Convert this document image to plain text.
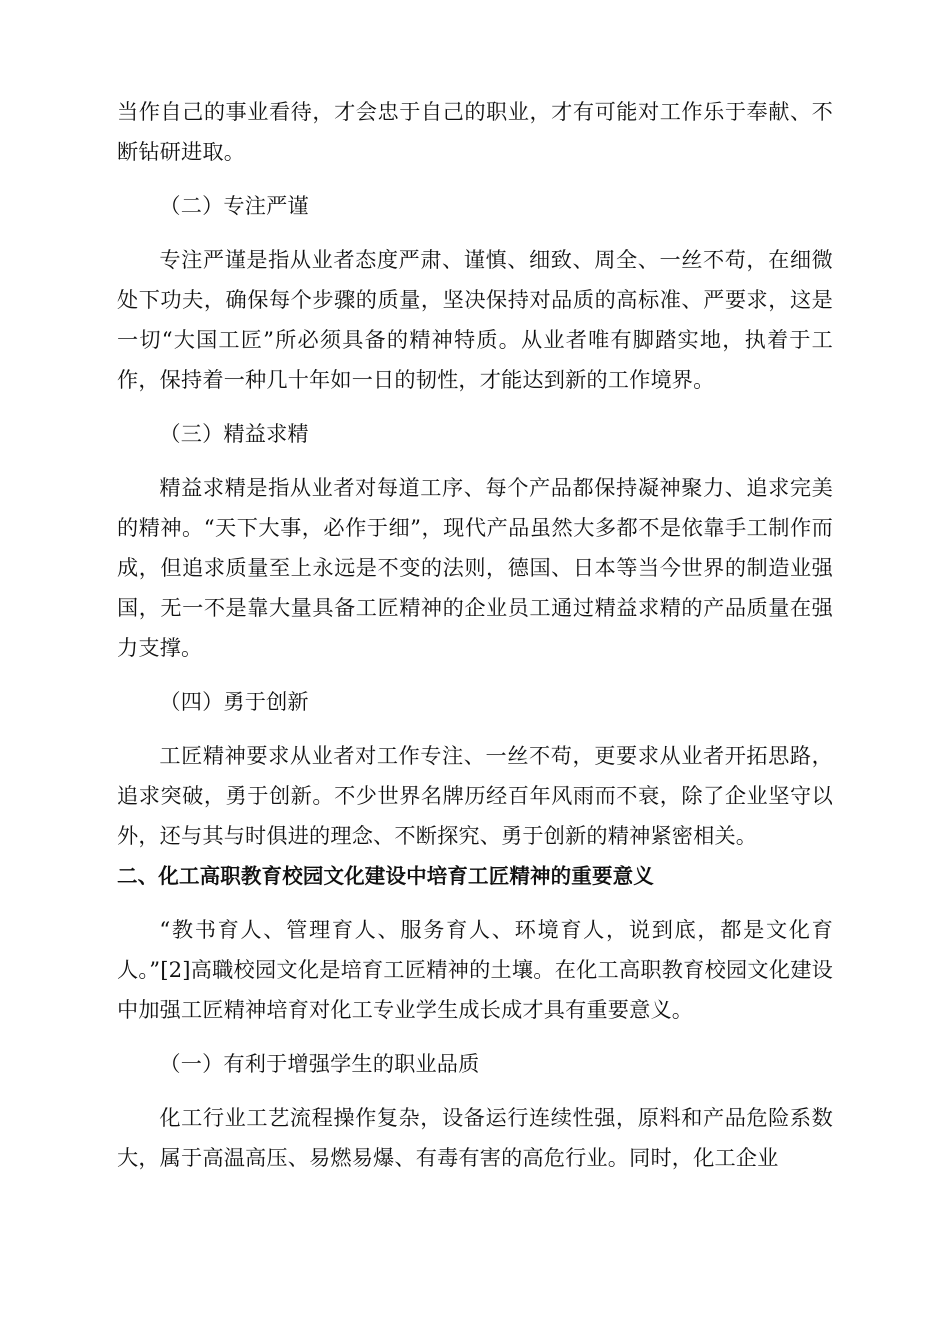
当作自己的事业看待，才会忠于自己的职业，才有可能对工作乐于奉献、不断钻研进取。

（二）专注严谨

专注严谨是指从业者态度严肃、谨慎、细致、周全、一丝不苟，在细微处下功夫，确保每个步骤的质量，坚决保持对品质的高标准、严要求，这是一切“大国工匠”所必须具备的精神特质。从业者唯有脚踏实地，执着于工作，保持着一种几十年如一日的韧性，才能达到新的工作境界。

（三）精益求精

精益求精是指从业者对每道工序、每个产品都保持凝神聚力、追求完美的精神。“天下大事，必作于细”，现代产品虽然大多都不是依靠手工制作而成，但追求质量至上永远是不变的法则，德国、日本等当今世界的制造业强国，无一不是靠大量具备工匠精神的企业员工通过精益求精的产品质量在强力支撑。

（四）勇于创新

工匠精神要求从业者对工作专注、一丝不苟，更要求从业者开拓思路，追求突破，勇于创新。不少世界名牌历经百年风雨而不衰，除了企业坚守以外，还与其与时俱进的理念、不断探究、勇于创新的精神紧密相关。

二、化工高职教育校园文化建设中培育工匠精神的重要意义

“教书育人、管理育人、服务育人、环境育人，说到底，都是文化育人。”[2]高職校园文化是培育工匠精神的土壤。在化工高职教育校园文化建设中加强工匠精神培育对化工专业学生成长成才具有重要意义。

（一）有利于增强学生的职业品质

化工行业工艺流程操作复杂，设备运行连续性强，原料和产品危险系数大，属于高温高压、易燃易爆、有毒有害的高危行业。同时，化工企业
